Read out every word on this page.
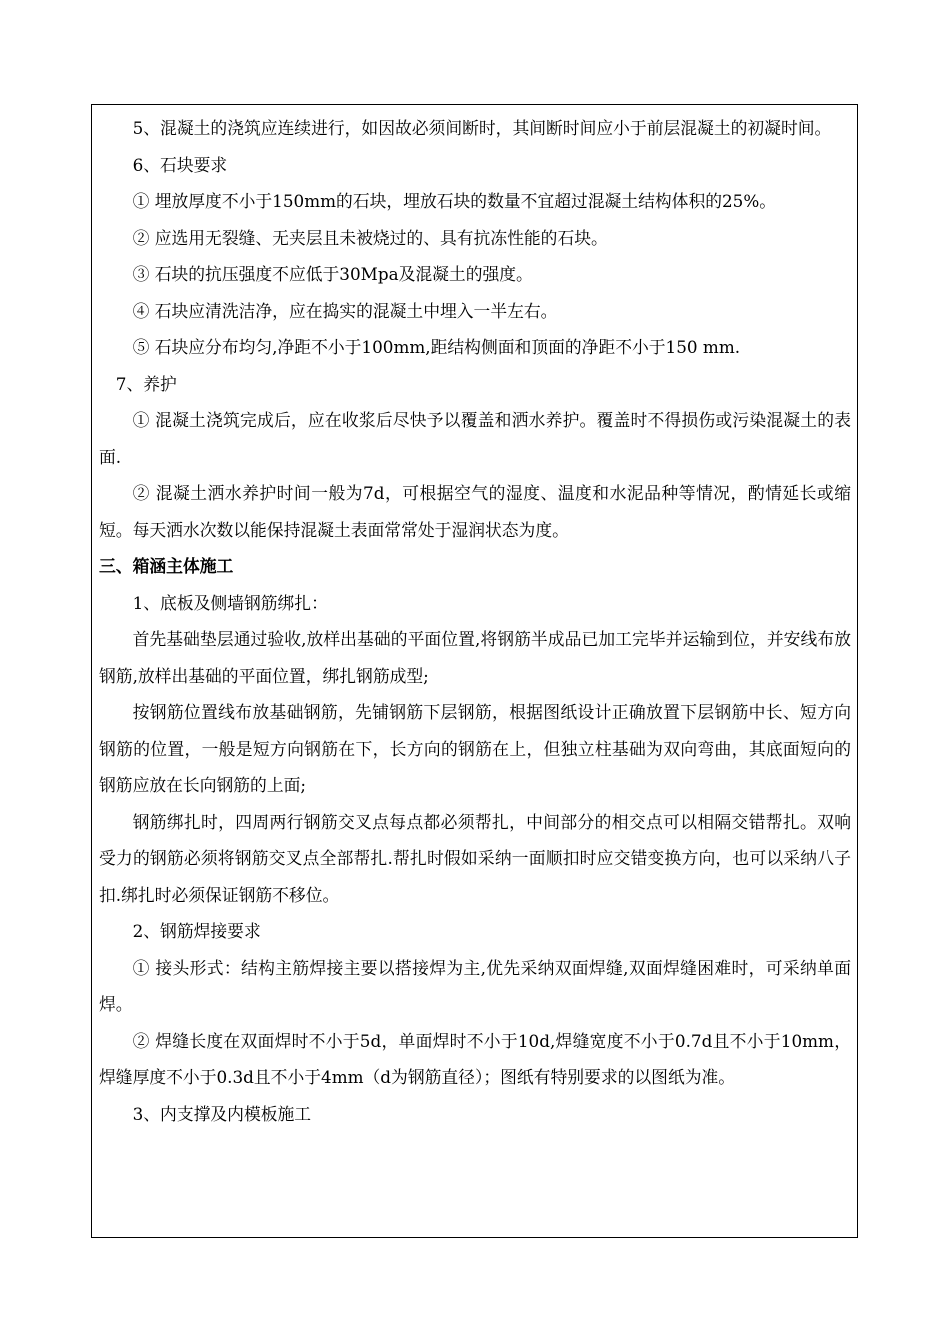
5、混凝土的浇筑应连续进行，如因故必须间断时，其间断时间应小于前层混凝土的初凝时间。

6、石块要求

① 埋放厚度不小于150mm的石块，埋放石块的数量不宜超过混凝土结构体积的25%。

② 应选用无裂缝、无夹层且未被烧过的、具有抗冻性能的石块。

③ 石块的抗压强度不应低于30Mpa及混凝土的强度。

④ 石块应清洗洁净，应在捣实的混凝土中埋入一半左右。

⑤ 石块应分布均匀,净距不小于100mm,距结构侧面和顶面的净距不小于150 mm.

7、养护

① 混凝土浇筑完成后，应在收浆后尽快予以覆盖和洒水养护。覆盖时不得损伤或污染混凝土的表面.

② 混凝土洒水养护时间一般为7d，可根据空气的湿度、温度和水泥品种等情况，酌情延长或缩短。每天洒水次数以能保持混凝土表面常常处于湿润状态为度。

三、箱涵主体施工

1、底板及侧墙钢筋绑扎：

首先基础垫层通过验收,放样出基础的平面位置,将钢筋半成品已加工完毕并运输到位，并安线布放钢筋,放样出基础的平面位置，绑扎钢筋成型;

按钢筋位置线布放基础钢筋，先铺钢筋下层钢筋，根据图纸设计正确放置下层钢筋中长、短方向钢筋的位置，一般是短方向钢筋在下，长方向的钢筋在上，但独立柱基础为双向弯曲，其底面短向的钢筋应放在长向钢筋的上面;

钢筋绑扎时，四周两行钢筋交叉点每点都必须帮扎，中间部分的相交点可以相隔交错帮扎。双响受力的钢筋必须将钢筋交叉点全部帮扎.帮扎时假如采纳一面顺扣时应交错变换方向，也可以采纳八子扣.绑扎时必须保证钢筋不移位。

2、钢筋焊接要求

① 接头形式：结构主筋焊接主要以搭接焊为主,优先采纳双面焊缝,双面焊缝困难时，可采纳单面焊。

② 焊缝长度在双面焊时不小于5d，单面焊时不小于10d,焊缝宽度不小于0.7d且不小于10mm，焊缝厚度不小于0.3d且不小于4mm（d为钢筋直径）；图纸有特别要求的以图纸为准。

3、内支撑及内模板施工
